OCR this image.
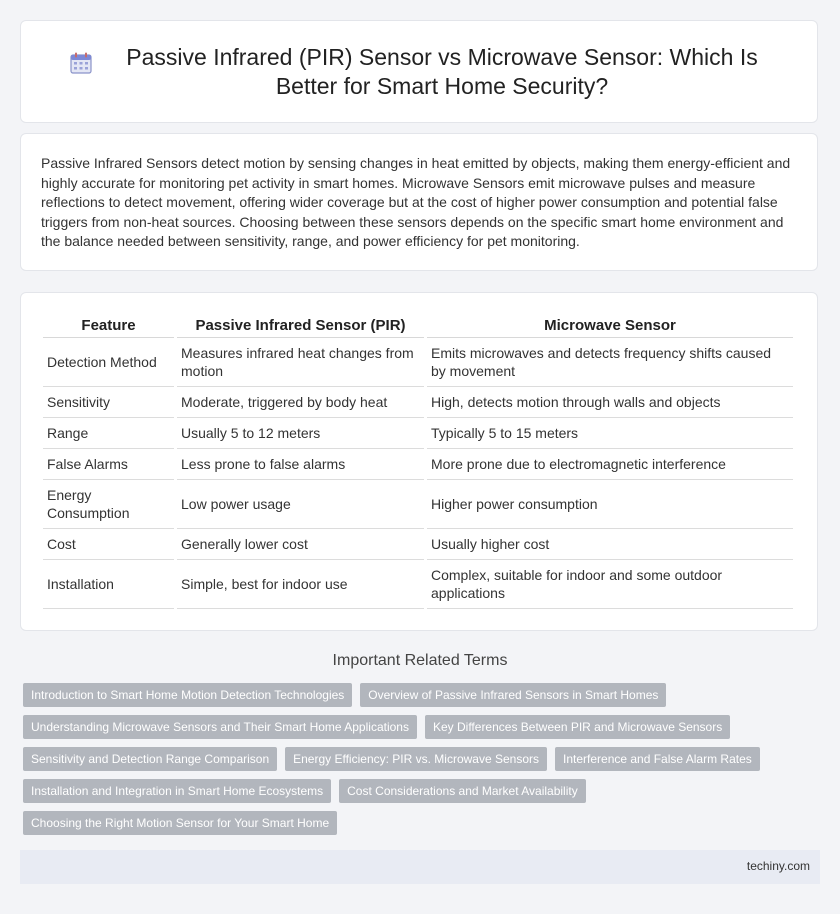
Passive Infrared (PIR) Sensor vs Microwave Sensor: Which Is Better for Smart Home Security?

Passive Infrared Sensors detect motion by sensing changes in heat emitted by objects, making them energy-efficient and highly accurate for monitoring pet activity in smart homes. Microwave Sensors emit microwave pulses and measure reflections to detect movement, offering wider coverage but at the cost of higher power consumption and potential false triggers from non-heat sources. Choosing between these sensors depends on the specific smart home environment and the balance needed between sensitivity, range, and power efficiency for pet monitoring.

Feature	Passive Infrared Sensor (PIR)	Microwave Sensor
Detection Method	Measures infrared heat changes from motion	Emits microwaves and detects frequency shifts caused by movement
Sensitivity	Moderate, triggered by body heat	High, detects motion through walls and objects
Range	Usually 5 to 12 meters	Typically 5 to 15 meters
False Alarms	Less prone to false alarms	More prone due to electromagnetic interference
Energy Consumption	Low power usage	Higher power consumption
Cost	Generally lower cost	Usually higher cost
Installation	Simple, best for indoor use	Complex, suitable for indoor and some outdoor applications

Important Related Terms

Introduction to Smart Home Motion Detection Technologies	Overview of Passive Infrared Sensors in Smart Homes
Understanding Microwave Sensors and Their Smart Home Applications	Key Differences Between PIR and Microwave Sensors
Sensitivity and Detection Range Comparison	Energy Efficiency: PIR vs. Microwave Sensors	Interference and False Alarm Rates
Installation and Integration in Smart Home Ecosystems	Cost Considerations and Market Availability
Choosing the Right Motion Sensor for Your Smart Home
techiny.com
